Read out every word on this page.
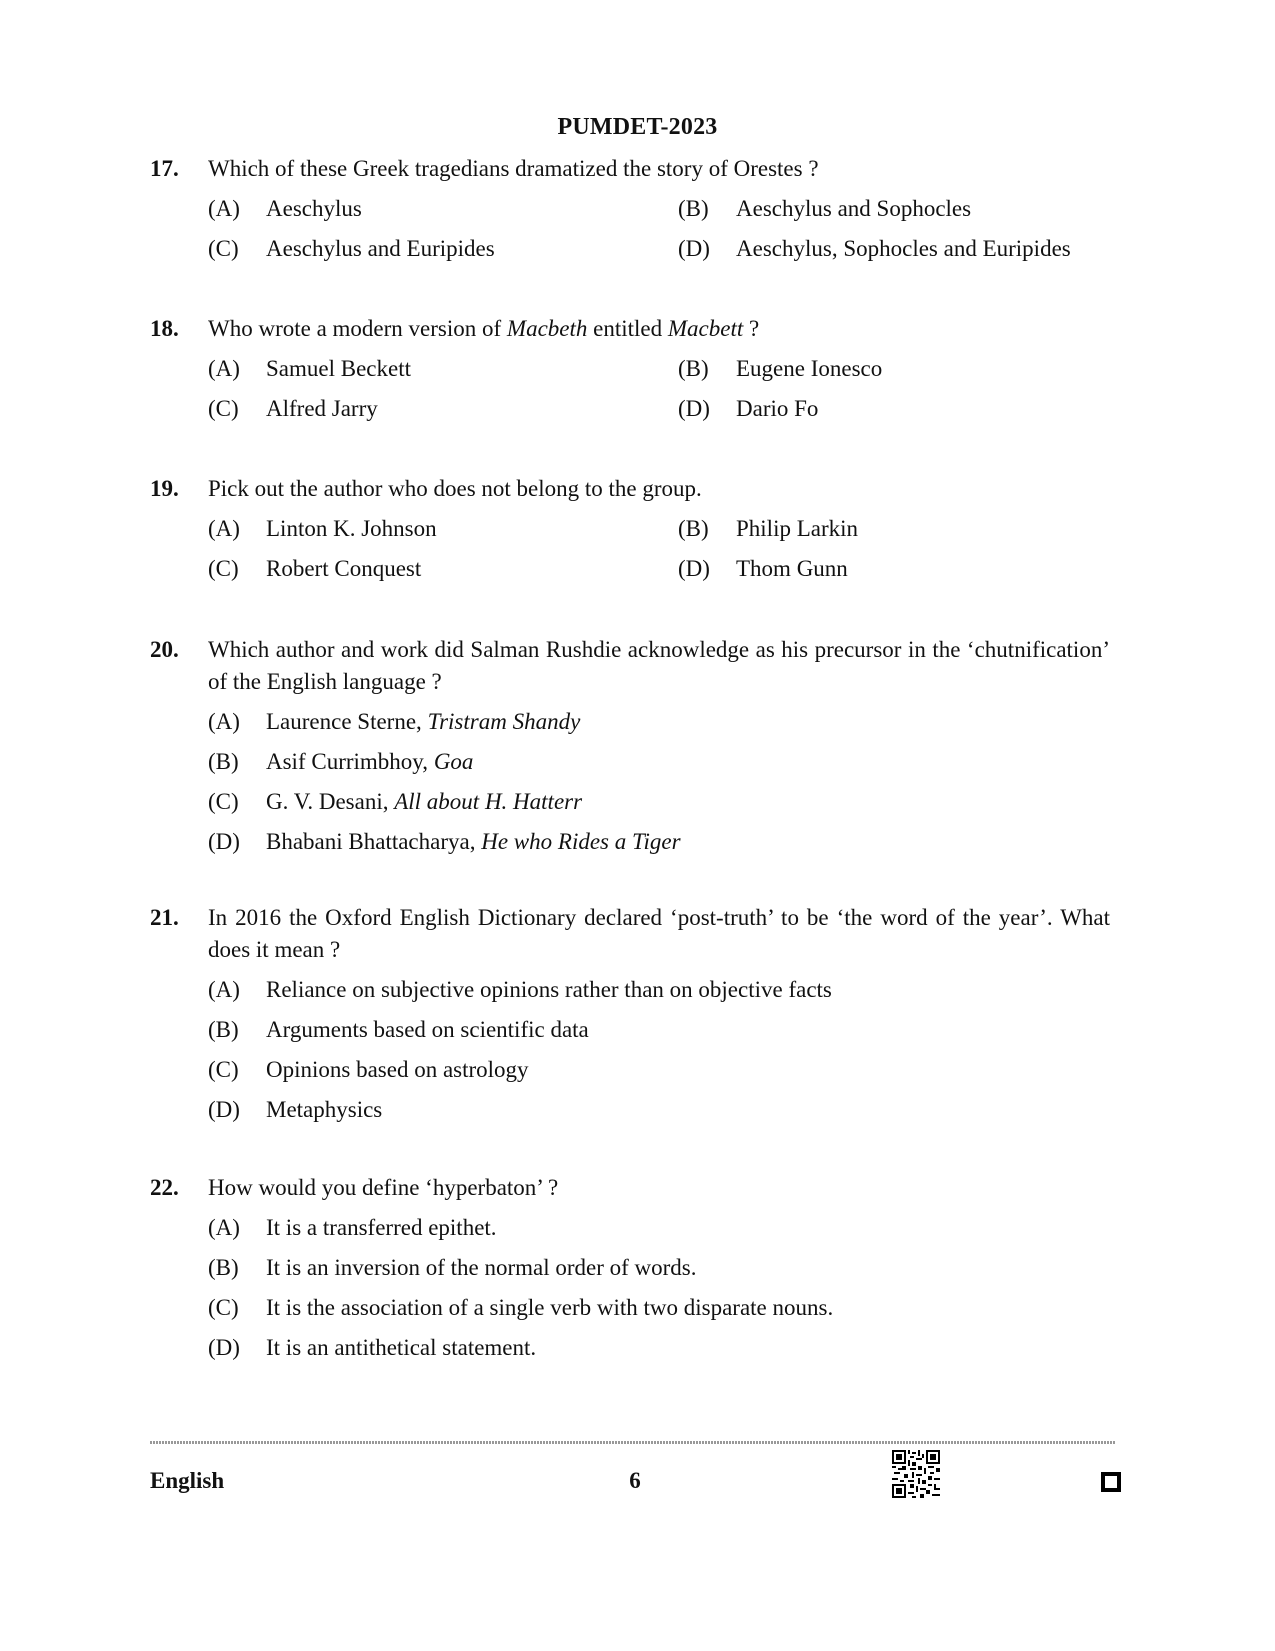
PUMDET-2023
17. Which of these Greek tragedians dramatized the story of Orestes ?
(A)	Aeschylus	(B)	Aeschylus and Sophocles
(C)	Aeschylus and Euripides	(D)	Aeschylus, Sophocles and Euripides
18. Who wrote a modern version of Macbeth entitled Macbett ?
(A)	Samuel Beckett	(B)	Eugene Ionesco
(C)	Alfred Jarry	(D)	Dario Fo
19. Pick out the author who does not belong to the group.
(A)	Linton K. Johnson	(B)	Philip Larkin
(C)	Robert Conquest	(D)	Thom Gunn
20. Which author and work did Salman Rushdie acknowledge as his precursor in the ‘chutnification’ of the English language ?
(A)	Laurence Sterne, Tristram Shandy
(B)	Asif Currimbhoy, Goa
(C)	G. V. Desani, All about H. Hatterr
(D)	Bhabani Bhattacharya, He who Rides a Tiger
21. In 2016 the Oxford English Dictionary declared ‘post-truth’ to be ‘the word of the year’. What does it mean ?
(A)	Reliance on subjective opinions rather than on objective facts
(B)	Arguments based on scientific data
(C)	Opinions based on astrology
(D)	Metaphysics
22. How would you define ‘hyperbaton’ ?
(A)	It is a transferred epithet.
(B)	It is an inversion of the normal order of words.
(C)	It is the association of a single verb with two disparate nouns.
(D)	It is an antithetical statement.
English	6
